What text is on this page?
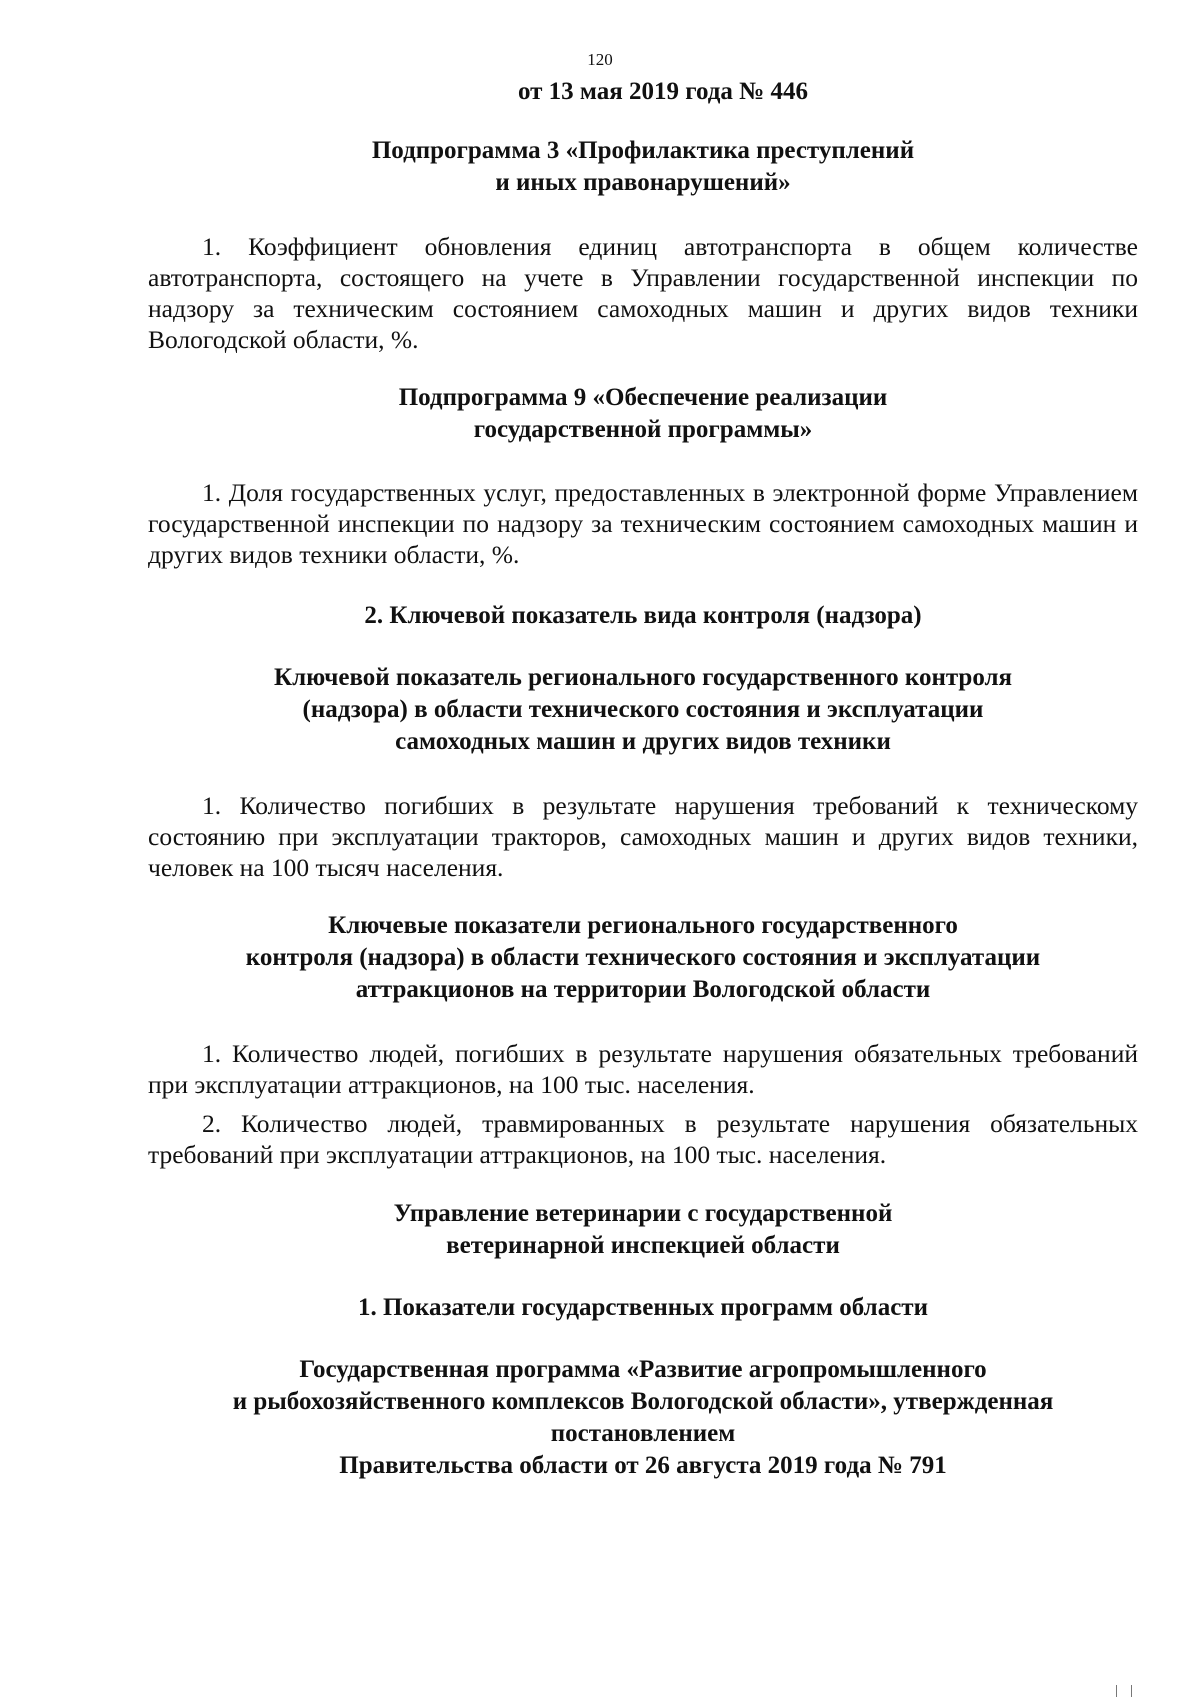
120

от 13 мая 2019 года № 446

Подпрограмма 3 «Профилактика преступлений
и иных правонарушений»

1. Коэффициент обновления единиц автотранспорта в общем количестве автотранспорта, состоящего на учете в Управлении государственной инспекции по надзору за техническим состоянием самоходных машин и других видов техники Вологодской области, %.

Подпрограмма 9 «Обеспечение реализации
государственной программы»

1. Доля государственных услуг, предоставленных в электронной форме Управлением государственной инспекции по надзору за техническим состоянием самоходных машин и других видов техники области, %.

2. Ключевой показатель вида контроля (надзора)
Ключевой показатель регионального государственного контроля
(надзора) в области технического состояния и эксплуатации
самоходных машин и других видов техники

1. Количество погибших в результате нарушения требований к техническому состоянию при эксплуатации тракторов, самоходных машин и других видов техники, человек на 100 тысяч населения.

Ключевые показатели регионального государственного
контроля (надзора) в области технического состояния и эксплуатации
аттракционов на территории Вологодской области

1. Количество людей, погибших в результате нарушения обязательных требований при эксплуатации аттракционов, на 100 тыс. населения.

2. Количество людей, травмированных в результате нарушения обязательных требований при эксплуатации аттракционов, на 100 тыс. населения.

Управление ветеринарии с государственной
ветеринарной инспекцией области
1. Показатели государственных программ области
Государственная программа «Развитие агропромышленного
и рыбохозяйственного комплексов Вологодской области», утвержденная постановлением
Правительства области от 26 августа 2019 года № 791
